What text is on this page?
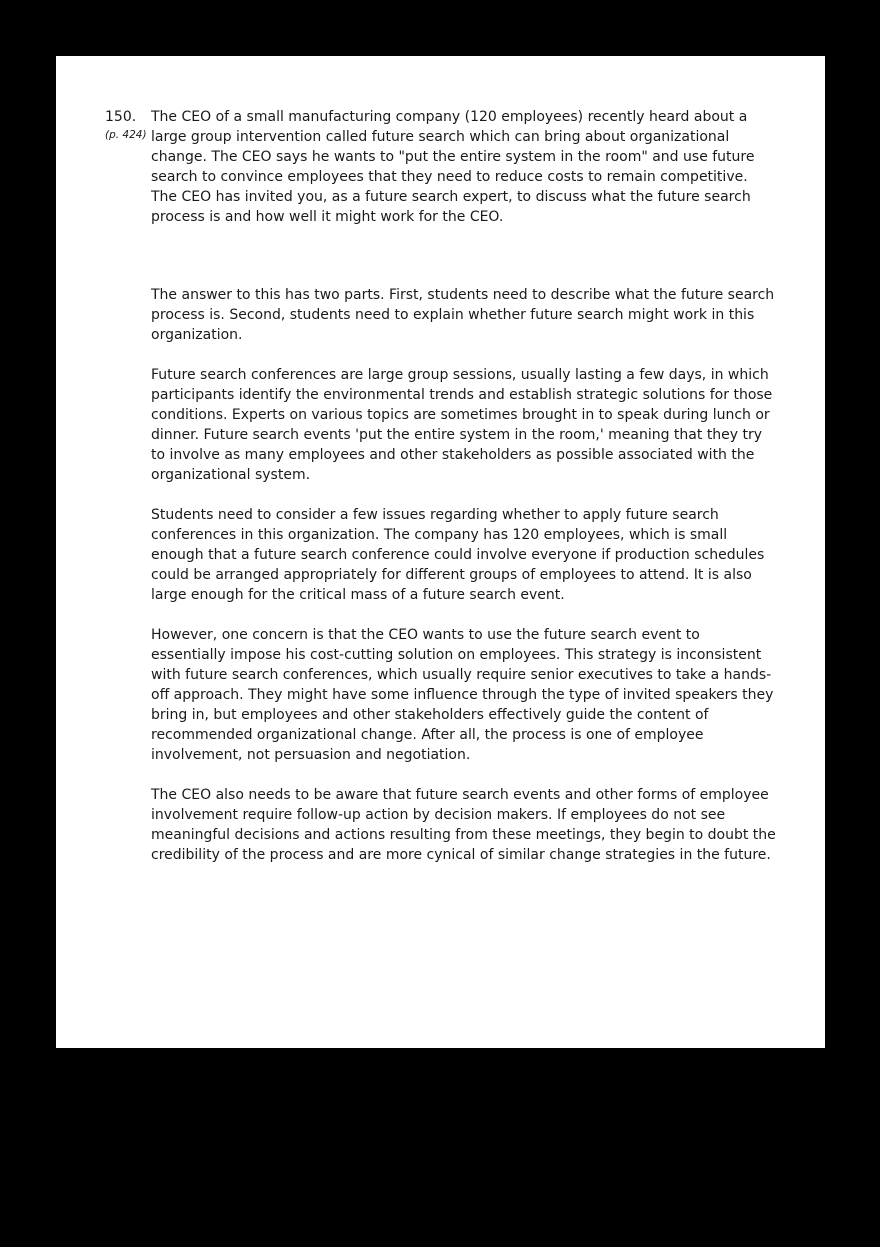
150.
(p. 424)
The CEO of a small manufacturing company (120 employees) recently heard about a large group intervention called future search which can bring about organizational change. The CEO says he wants to "put the entire system in the room" and use future search to convince employees that they need to reduce costs to remain competitive. The CEO has invited you, as a future search expert, to discuss what the future search process is and how well it might work for the CEO.

The answer to this has two parts. First, students need to describe what the future search process is. Second, students need to explain whether future search might work in this organization.

Future search conferences are large group sessions, usually lasting a few days, in which participants identify the environmental trends and establish strategic solutions for those conditions. Experts on various topics are sometimes brought in to speak during lunch or dinner. Future search events 'put the entire system in the room,' meaning that they try to involve as many employees and other stakeholders as possible associated with the organizational system.

Students need to consider a few issues regarding whether to apply future search conferences in this organization. The company has 120 employees, which is small enough that a future search conference could involve everyone if production schedules could be arranged appropriately for different groups of employees to attend. It is also large enough for the critical mass of a future search event.

However, one concern is that the CEO wants to use the future search event to essentially impose his cost-cutting solution on employees. This strategy is inconsistent with future search conferences, which usually require senior executives to take a hands-off approach. They might have some influence through the type of invited speakers they bring in, but employees and other stakeholders effectively guide the content of recommended organizational change. After all, the process is one of employee involvement, not persuasion and negotiation.

The CEO also needs to be aware that future search events and other forms of employee involvement require follow-up action by decision makers. If employees do not see meaningful decisions and actions resulting from these meetings, they begin to doubt the credibility of the process and are more cynical of similar change strategies in the future.
